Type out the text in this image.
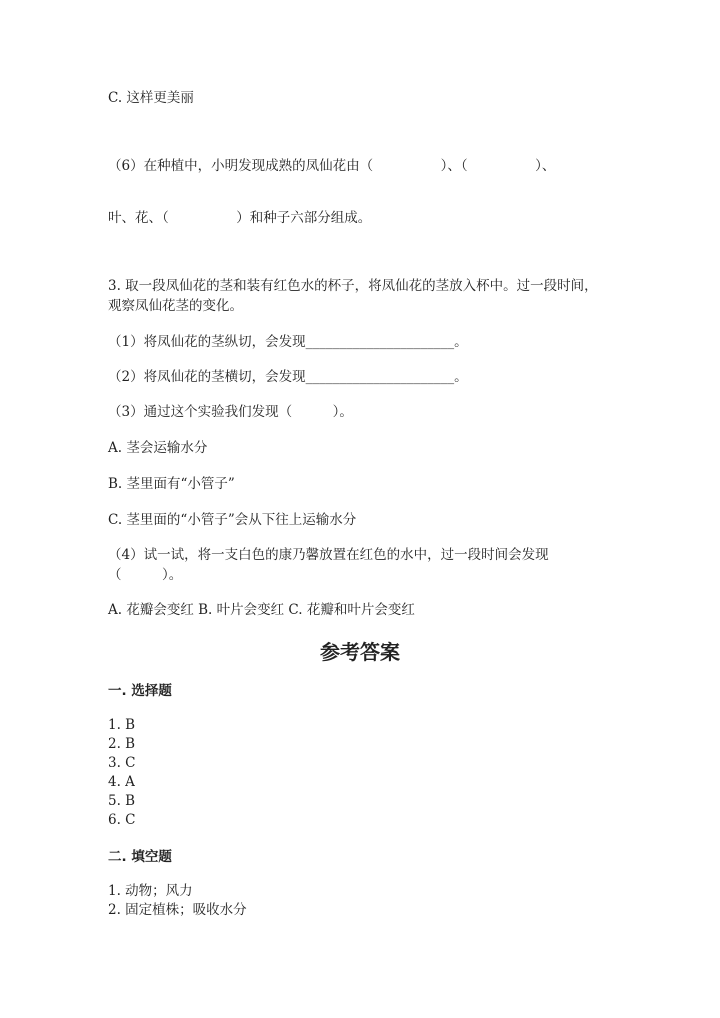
C. 这样更美丽
（6）在种植中，小明发现成熟的凤仙花由（　　　　　）、（　　　　　）、
叶、花、（　　　　　）和种子六部分组成。
3. 取一段凤仙花的茎和装有红色水的杯子，将凤仙花的茎放入杯中。过一段时间，观察凤仙花茎的变化。
（1）将凤仙花的茎纵切，会发现______________________。
（2）将凤仙花的茎横切，会发现______________________。
（3）通过这个实验我们发现（　　　）。
A. 茎会运输水分
B. 茎里面有“小管子”
C. 茎里面的“小管子”会从下往上运输水分
（4）试一试，将一支白色的康乃馨放置在红色的水中，过一段时间会发现
（　　　）。
A. 花瓣会变红 B. 叶片会变红 C. 花瓣和叶片会变红
参考答案
一. 选择题
1. B
2. B
3. C
4. A
5. B
6. C
二. 填空题
1. 动物；风力
2. 固定植株；吸收水分
